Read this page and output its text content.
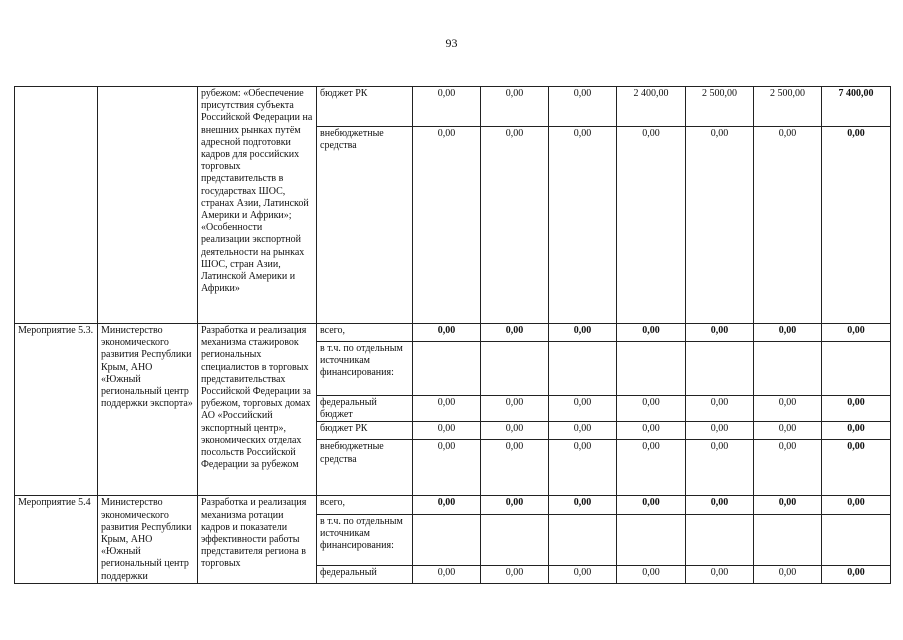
93
		рубежом: «Обеспечение присутствия субъекта Российской Федерации на внешних рынках путём адресной подготовки кадров для российских торговых представительств в государствах ШОС, странах Азии, Латинской Америки и Африки»; «Особенности реализации экспортной деятельности на рынках ШОС, стран Азии, Латинской Америки и Африки»	бюджет РК	0,00	0,00	0,00	2 400,00	2 500,00	2 500,00	7 400,00
			внебюджетные средства	0,00	0,00	0,00	0,00	0,00	0,00	0,00
Мероприятие 5.3.	Министерство экономического развития Республики Крым, АНО «Южный региональный центр поддержки экспорта»	Разработка и реализация механизма стажировок региональных специалистов в торговых представительствах Российской Федерации за рубежом, торговых домах АО «Российский экспортный центр», экономических отделах посольств Российской Федерации за рубежом	всего,	0,00	0,00	0,00	0,00	0,00	0,00	0,00
			в т.ч. по отдельным источникам финансирования:							
			федеральный бюджет	0,00	0,00	0,00	0,00	0,00	0,00	0,00
			бюджет РК	0,00	0,00	0,00	0,00	0,00	0,00	0,00
			внебюджетные средства	0,00	0,00	0,00	0,00	0,00	0,00	0,00
Мероприятие 5.4	Министерство экономического развития Республики Крым, АНО «Южный региональный центр поддержки	Разработка и реализация механизма ротации кадров и показатели эффективности работы представителя региона в торговых	всего,	0,00	0,00	0,00	0,00	0,00	0,00	0,00
			в т.ч. по отдельным источникам финансирования:							
			федеральный	0,00	0,00	0,00	0,00	0,00	0,00	0,00
